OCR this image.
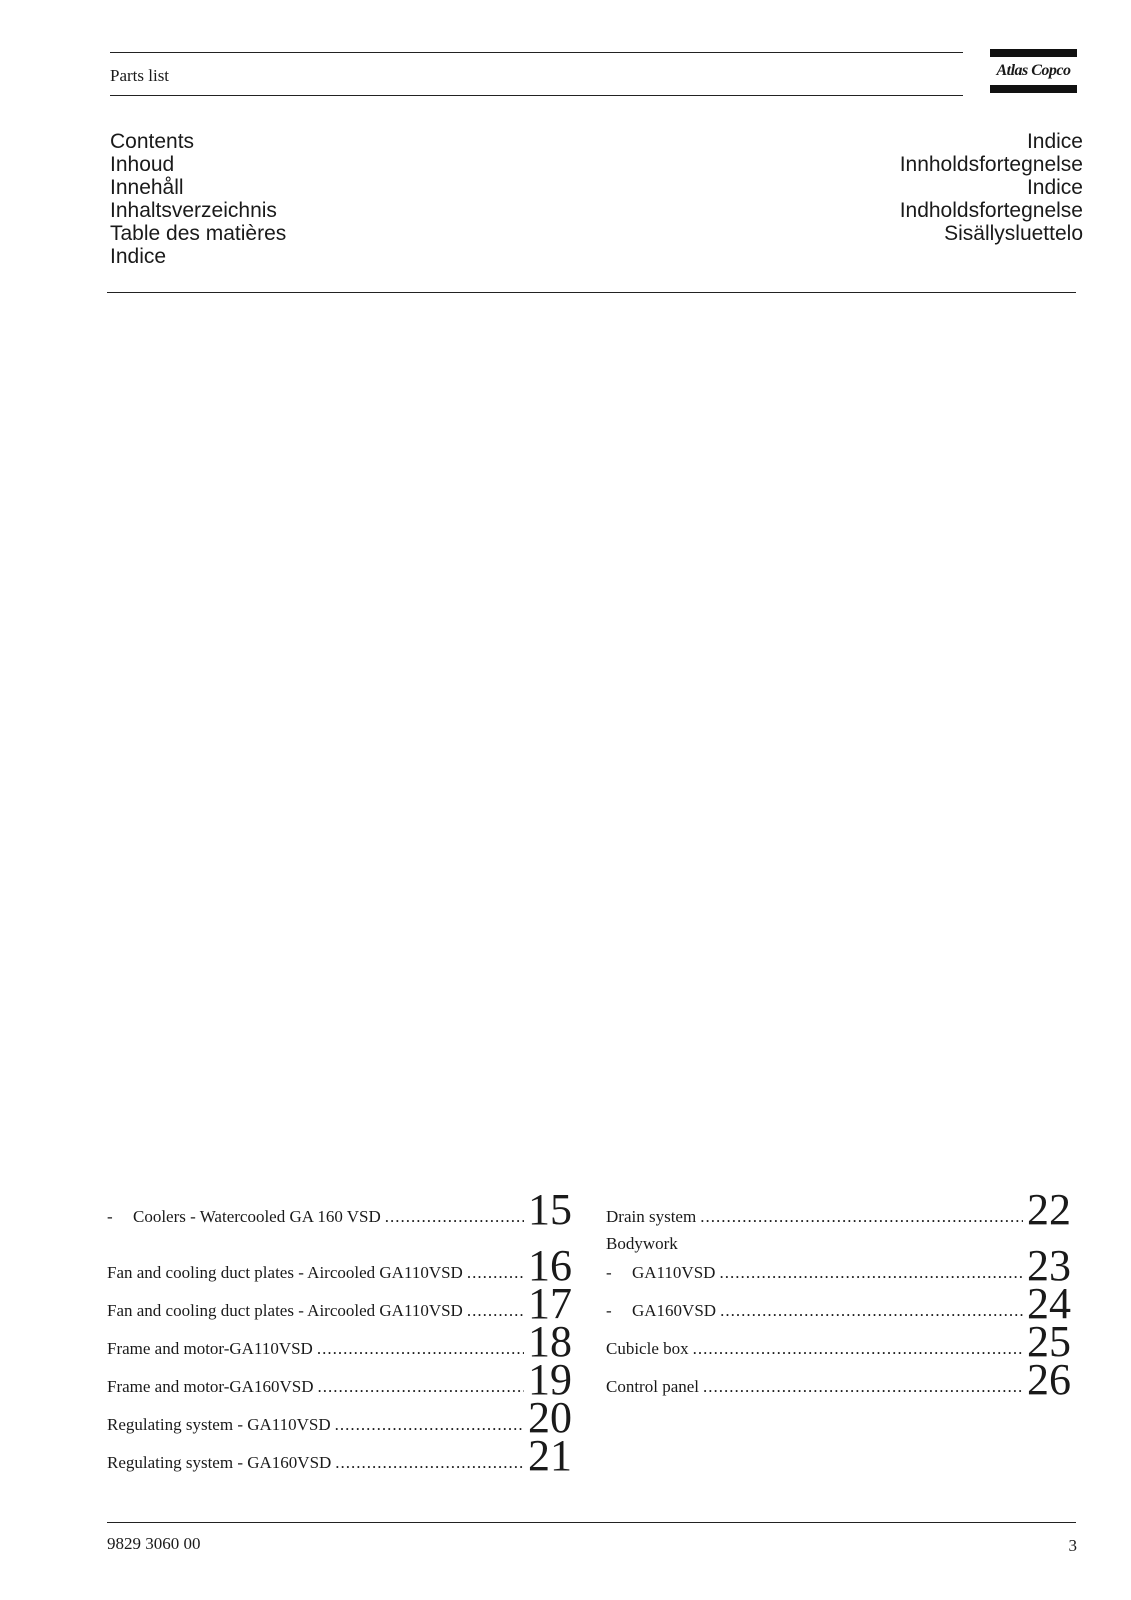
Parts list	Atlas Copco
Contents
Inhoud
Innehåll
Inhaltsverzeichnis
Table des matières
Indice
Indice
Innholdsfortegnelse
Indice
Indholdsfortegnelse
Sisällysluettelo
-	Coolers - Watercooled GA 160 VSD .....	15
Fan and cooling duct plates - Aircooled GA110VSD ..... 16
Fan and cooling duct plates - Aircooled GA110VSD ..... 17
Frame and motor-GA110VSD .....	18
Frame and motor-GA160VSD .....	19
Regulating system - GA110VSD .....	20
Regulating system - GA160VSD .....	21
Drain system .....	22
Bodywork
-	GA110VSD .....	23
-	GA160VSD .....	24
Cubicle box .....	25
Control panel .....	26
9829 3060 00	3
